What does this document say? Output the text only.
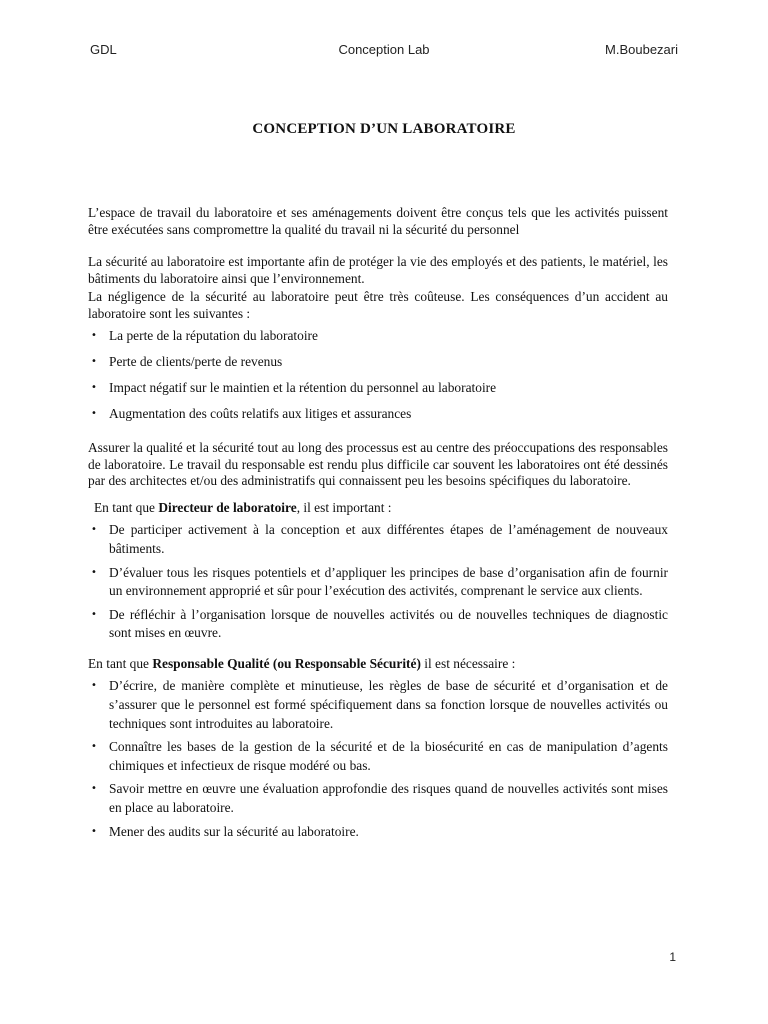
GDL	Conception Lab	M.Boubezari
CONCEPTION D’UN LABORATOIRE

L’espace de travail du laboratoire et ses aménagements doivent être conçus tels que les activités puissent être exécutées sans compromettre la qualité du travail ni la sécurité du personnel

La sécurité au laboratoire est importante afin de protéger la vie des employés et des patients, le matériel, les bâtiments du laboratoire ainsi que l’environnement.

La négligence de la sécurité au laboratoire peut être très coûteuse. Les conséquences d’un accident au laboratoire sont les suivantes :

• La perte de la réputation du laboratoire
• Perte de clients/perte de revenus
• Impact négatif sur le maintien et la rétention du personnel au laboratoire
• Augmentation des coûts relatifs aux litiges et assurances

Assurer la qualité et la sécurité tout au long des processus est au centre des préoccupations des responsables de laboratoire. Le travail du responsable est rendu plus difficile car souvent les laboratoires ont été dessinés par des architectes et/ou des administratifs qui connaissent peu les besoins spécifiques du laboratoire.

En tant que Directeur de laboratoire, il est important :

• De participer activement à la conception et aux différentes étapes de l’aménagement de nouveaux bâtiments.
• D’évaluer tous les risques potentiels et d’appliquer les principes de base d’organisation afin de fournir un environnement approprié et sûr pour l’exécution des activités, comprenant le service aux clients.
• De réfléchir à l’organisation lorsque de nouvelles activités ou de nouvelles techniques de diagnostic sont mises en œuvre.

En tant que Responsable Qualité (ou Responsable Sécurité) il est nécessaire :

• D’écrire, de manière complète et minutieuse, les règles de base de sécurité et d’organisation et de s’assurer que le personnel est formé spécifiquement dans sa fonction lorsque de nouvelles activités ou techniques sont introduites au laboratoire.
• Connaître les bases de la gestion de la sécurité et de la biosécurité en cas de manipulation d’agents chimiques et infectieux de risque modéré ou bas.
• Savoir mettre en œuvre une évaluation approfondie des risques quand de nouvelles activités sont mises en place au laboratoire.
• Mener des audits sur la sécurité au laboratoire.
1
